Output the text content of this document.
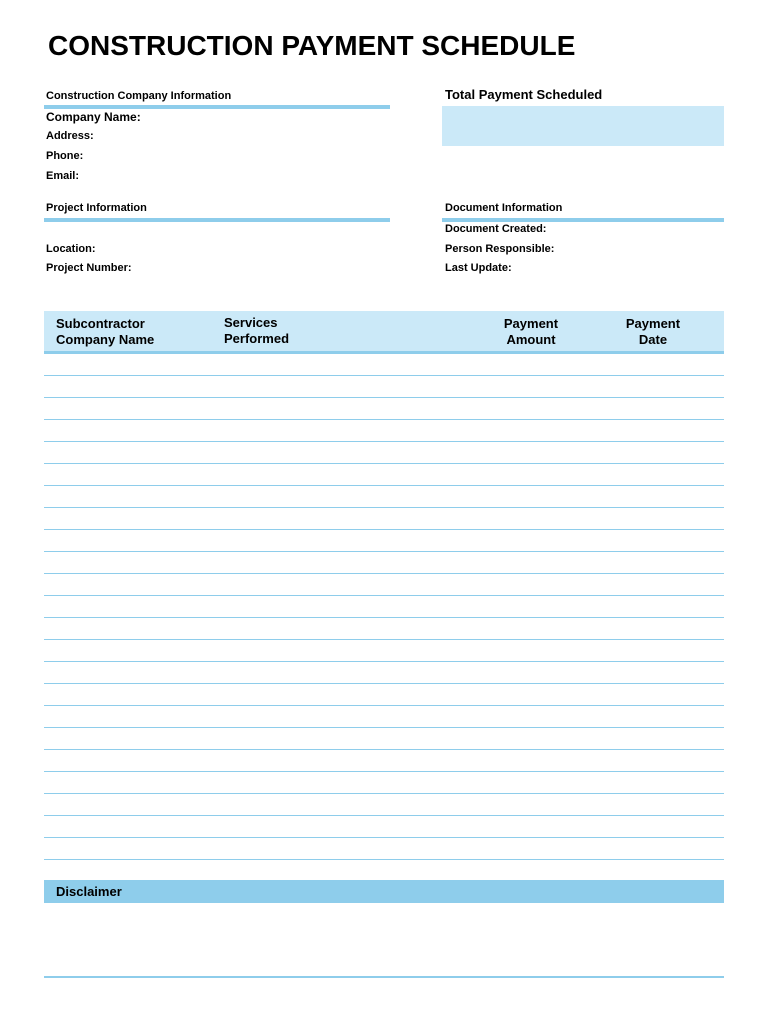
CONSTRUCTION PAYMENT SCHEDULE
Construction Company Information
Company Name:
Address:
Phone:
Email:
Total Payment Scheduled
Project Information
Location:
Project Number:
Document Information
Document Created:
Person Responsible:
Last Update:
Subcontractor
Company Name
Services
Performed
Payment
Amount
Payment
Date
Disclaimer
